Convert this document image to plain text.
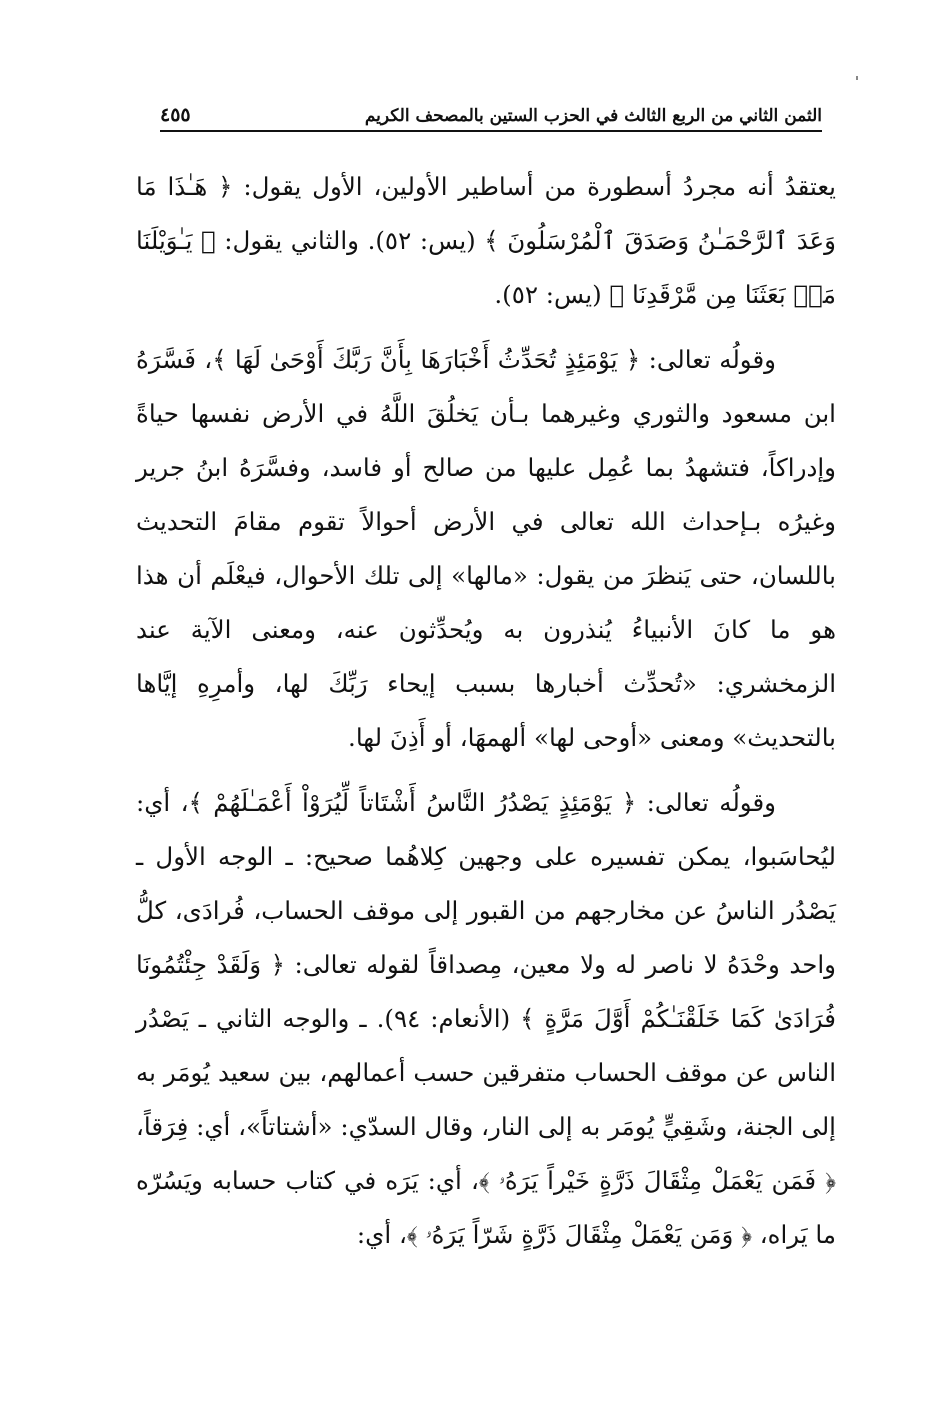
الثمن الثاني من الربع الثالث في الحزب الستين بالمصحف الكريم
٤٥٥

يعتقدُ أنه مجردُ أسطورة من أساطير الأولين، الأول يقول: ﴿ هَـٰذَا مَا وَعَدَ ٱلرَّحْمَـٰنُ وَصَدَقَ ٱلْمُرْسَلُونَ ﴾ (يس: ٥٢). والثاني يقول: ﴿ يَـٰوَيْلَنَا مَنۢ بَعَثَنَا مِن مَّرْقَدِنَا ﴾ (يس: ٥٢).

وقولُه تعالى: ﴿ يَوْمَئِذٍ تُحَدِّثُ أَخْبَارَهَا بِأَنَّ رَبَّكَ أَوْحَىٰ لَهَا ﴾، فَسَّرَهُ ابن مسعود والثوري وغيرهما بـأن يَخلُقَ اللَّهُ في الأرض نفسها حياةً وإدراكاً، فتشهدُ بما عُمِل عليها من صالح أو فاسد، وفسَّرَهُ ابنُ جرير وغيرُه بـإحداث الله تعالى في الأرض أحوالاً تقوم مقامَ التحديث باللسان، حتى يَنظرَ من يقول: «مالها» إلى تلك الأحوال، فيعْلَم أن هذا هو ما كانَ الأنبياءُ يُنذرون به ويُحدِّثون عنه، ومعنى الآية عند الزمخشري: «تُحدِّث أخبارها بسبب إيحاء رَبِّكَ لها، وأمرِهِ إيَّاها بالتحديث» ومعنى «أوحى لها» ألهمهَا، أو أَذِنَ لها.

وقولُه تعالى: ﴿ يَوْمَئِذٍ يَصْدُرُ النَّاسُ أَشْتَاتاً لِّيُرَوْاْ أَعْمَـٰلَهُمْ ﴾، أي: ليُحاسَبوا، يمكن تفسيره على وجهين كِلاهُما صحيح: ـ الوجه الأول ـ يَصْدُر الناسُ عن مخارجهم من القبور إلى موقف الحساب، فُرادَى، كلُّ واحد وحْدَهُ لا ناصر له ولا معين، مِصداقاً لقوله تعالى: ﴿ وَلَقَدْ جِئْتُمُونَا فُرَادَىٰ كَمَا خَلَقْنَـٰكُمْ أَوَّلَ مَرَّةٍ ﴾ (الأنعام: ٩٤). ـ والوجه الثاني ـ يَصْدُر الناس عن موقف الحساب متفرقين حسب أعمالهم، بين سعيد يُومَر به إلى الجنة، وشَقِيٍّ يُومَر به إلى النار، وقال السدّي: «أشتاتاً»، أي: فِرَقاً، ﴿ فَمَن يَعْمَلْ مِثْقَالَ ذَرَّةٍ خَيْراً يَرَهُۥ ﴾، أي: يَرَه في كتاب حسابه ويَسُرّه ما يَراه، ﴿ وَمَن يَعْمَلْ مِثْقَالَ ذَرَّةٍ شَرّاً يَرَهُۥ ﴾، أي:
